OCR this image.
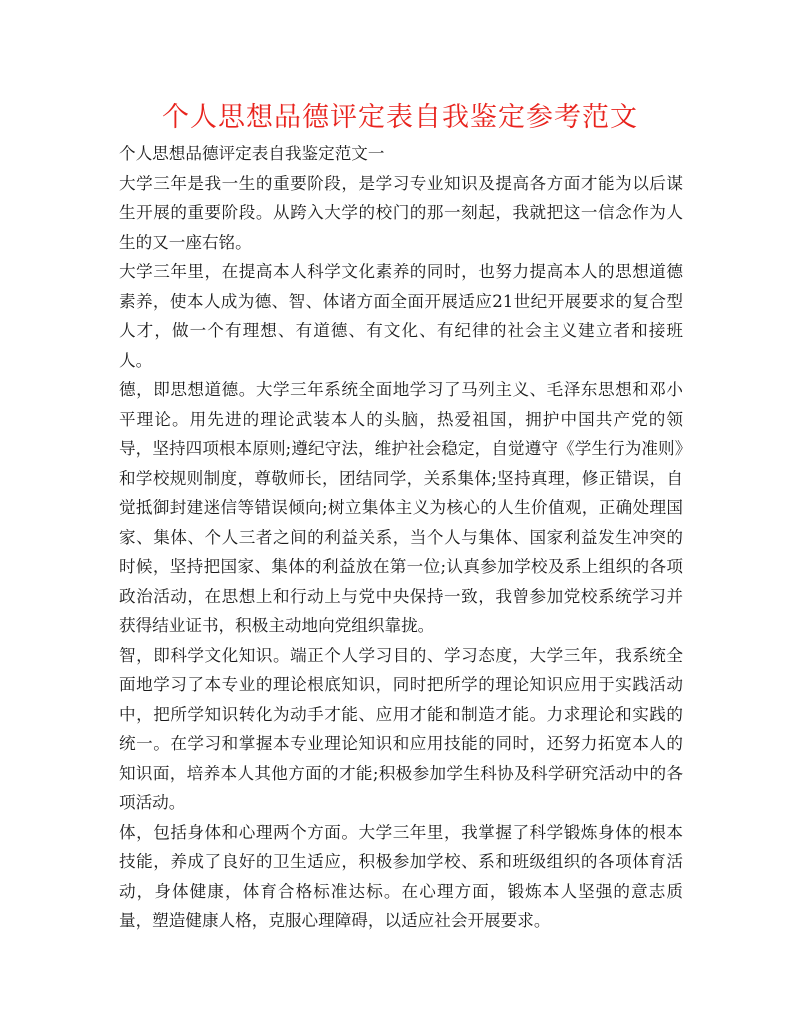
个人思想品德评定表自我鉴定参考范文

个人思想品德评定表自我鉴定范文一

大学三年是我一生的重要阶段，是学习专业知识及提高各方面才能为以后谋生开展的重要阶段。从跨入大学的校门的那一刻起，我就把这一信念作为人生的又一座右铭。

大学三年里，在提高本人科学文化素养的同时，也努力提高本人的思想道德素养，使本人成为德、智、体诸方面全面开展适应21世纪开展要求的复合型人才，做一个有理想、有道德、有文化、有纪律的社会主义建立者和接班人。

德，即思想道德。大学三年系统全面地学习了马列主义、毛泽东思想和邓小平理论。用先进的理论武装本人的头脑，热爱祖国，拥护中国共产党的领导，坚持四项根本原则;遵纪守法，维护社会稳定，自觉遵守《学生行为准则》和学校规则制度，尊敬师长，团结同学，关系集体;坚持真理，修正错误，自觉抵御封建迷信等错误倾向;树立集体主义为核心的人生价值观，正确处理国家、集体、个人三者之间的利益关系，当个人与集体、国家利益发生冲突的时候，坚持把国家、集体的利益放在第一位;认真参加学校及系上组织的各项政治活动，在思想上和行动上与党中央保持一致，我曾参加党校系统学习并获得结业证书，积极主动地向党组织靠拢。

智，即科学文化知识。端正个人学习目的、学习态度，大学三年，我系统全面地学习了本专业的理论根底知识，同时把所学的理论知识应用于实践活动中，把所学知识转化为动手才能、应用才能和制造才能。力求理论和实践的统一。在学习和掌握本专业理论知识和应用技能的同时，还努力拓宽本人的知识面，培养本人其他方面的才能;积极参加学生科协及科学研究活动中的各项活动。

体，包括身体和心理两个方面。大学三年里，我掌握了科学锻炼身体的根本技能，养成了良好的卫生适应，积极参加学校、系和班级组织的各项体育活动，身体健康，体育合格标准达标。在心理方面，锻炼本人坚强的意志质量，塑造健康人格，克服心理障碍，以适应社会开展要求。
